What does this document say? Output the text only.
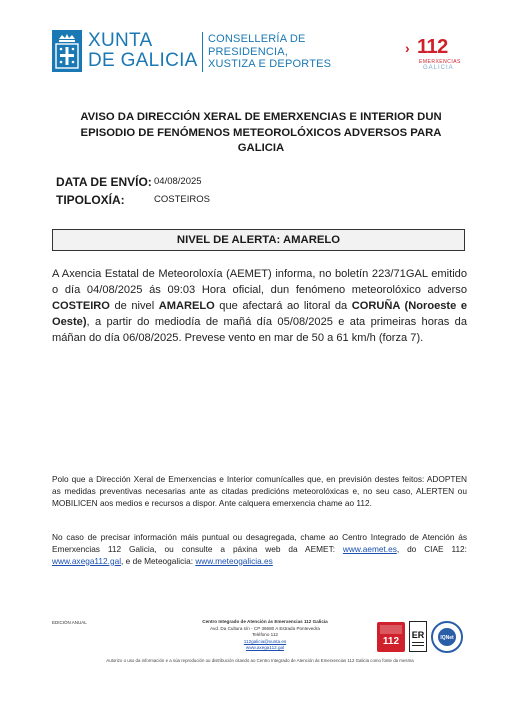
XUNTA
DE GALICIA
CONSELLERÍA DE
PRESIDENCIA,
XUSTIZA E DEPORTES
› 112
EMERXENCIAS
GALICIA
AVISO DA DIRECCIÓN XERAL DE EMERXENCIAS E INTERIOR DUN
EPISODIO DE FENÓMENOS METEOROLÓXICOS ADVERSOS PARA
GALICIA
DATA DE ENVÍO: 04/08/2025
TIPOLOXÍA:	COSTEIROS
NIVEL DE ALERTA: AMARELO
A Axencia Estatal de Meteoroloxía (AEMET) informa, no boletín 223/71GAL emitido o día 04/08/2025 ás 09:03 Hora oficial, dun fenómeno meteorolóxico adverso COSTEIRO de nivel AMARELO que afectará ao litoral da CORUÑA (Noroeste e Oeste), a partir do mediodía de mañá día 05/08/2025 e ata primeiras horas da máñan do día 06/08/2025. Prevese vento en mar de 50 a 61 km/h (forza 7).
Polo que a Dirección Xeral de Emerxencias e Interior comunícalles que, en previsión destes feitos: ADOPTEN as medidas preventivas necesarias ante as citadas predicións meteorolóxicas e, no seu caso, ALERTEN ou MOBILICEN aos medios e recursos a dispor. Ante calquera emerxencia chame ao 112.
No caso de precisar información máis puntual ou desagregada, chame ao Centro Integrado de Atención ás Emerxencias 112 Galicia, ou consulte a páxina web da AEMET: www.aemet.es, do CIAE 112: www.axega112.gal, e de Meteogalicia: www.meteogalicia.es
EDICIÓN ANUAL	Centro Integrado de Atención ás Emerxencias 112 Galicia
Avd. Da Cultura s/n - CP 36680 A Estrada Pontevedra
Teléfono 112
112galicia@xunta.es
www.axega112.gal
112
ER	IQNet
Autorizo o uso da información e a súa reprodución ou distribución citando ao Centro Integrado de Atención ás Emerxencias 112 Galicia como fonte da mesma
